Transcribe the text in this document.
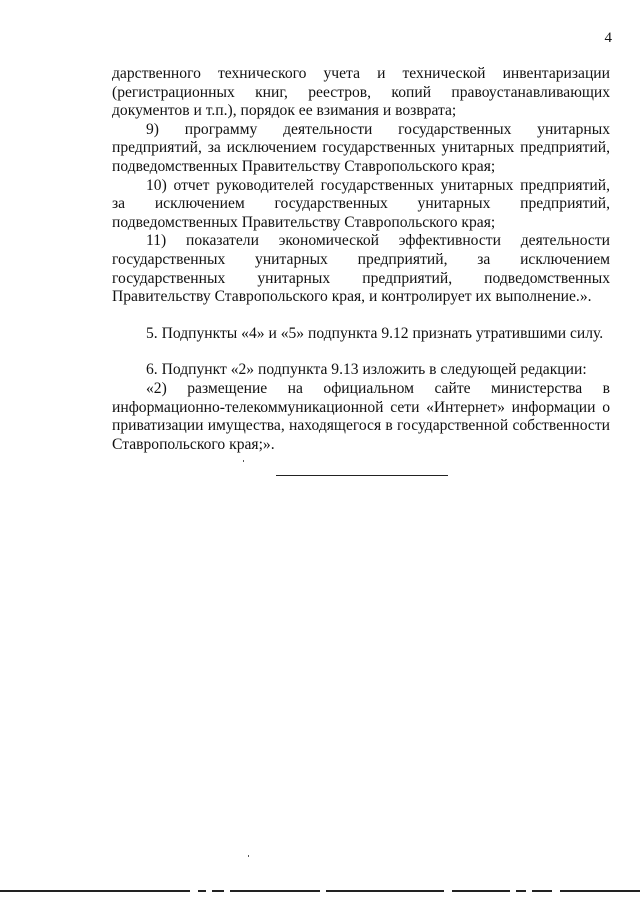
4

дарственного технического учета и технической инвентаризации (регистрационных книг, реестров, копий правоустанавливающих документов и т.п.), порядок ее взимания и возврата;

9) программу деятельности государственных унитарных предприятий, за исключением государственных унитарных предприятий, подведомственных Правительству Ставропольского края;

10) отчет руководителей государственных унитарных предприятий, за исключением государственных унитарных предприятий, подведомственных Правительству Ставропольского края;

11) показатели экономической эффективности деятельности государственных унитарных предприятий, за исключением государственных унитарных предприятий, подведомственных Правительству Ставропольского края, и контролирует их выполнение.».

5. Подпункты «4» и «5» подпункта 9.12 признать утратившими силу.

6. Подпункт «2» подпункта 9.13 изложить в следующей редакции:

«2) размещение на официальном сайте министерства в информационно-телекоммуникационной сети «Интернет» информации о приватизации имущества, находящегося в государственной собственности Ставропольского края;».
